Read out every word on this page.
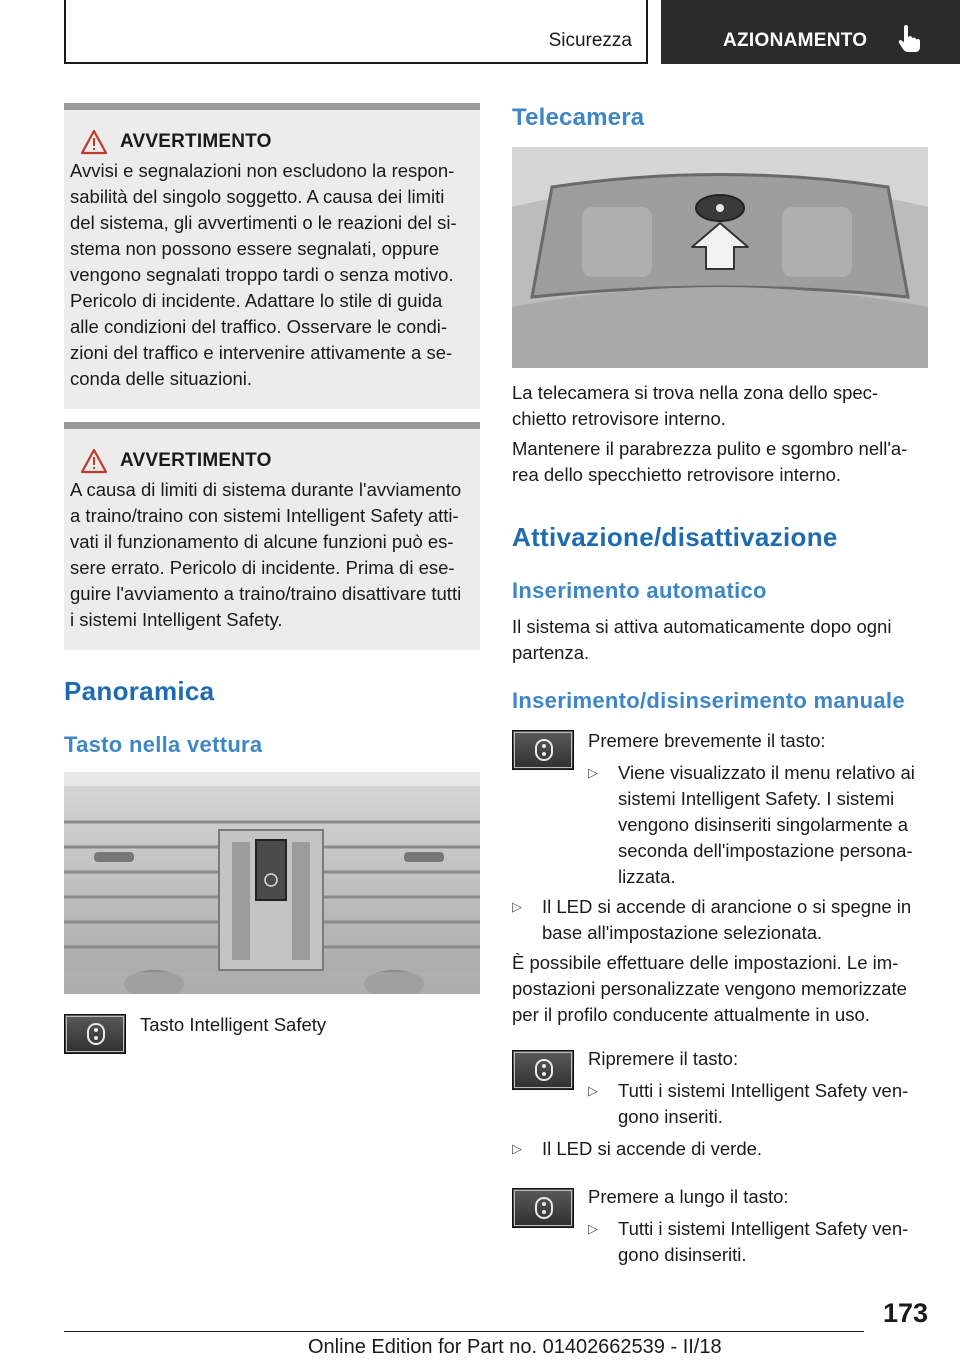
Sicurezza	AZIONAMENTO
AVVERTIMENTO
Avvisi e segnalazioni non escludono la respon-
sabilità del singolo soggetto. A causa dei limiti
del sistema, gli avvertimenti o le reazioni del si-
stema non possono essere segnalati, oppure
vengono segnalati troppo tardi o senza motivo.
Pericolo di incidente. Adattare lo stile di guida
alle condizioni del traffico. Osservare le condi-
zioni del traffico e intervenire attivamente a se-
conda delle situazioni.
AVVERTIMENTO
A causa di limiti di sistema durante l'avviamento
a traino/traino con sistemi Intelligent Safety atti-
vati il funzionamento di alcune funzioni può es-
sere errato. Pericolo di incidente. Prima di ese-
guire l'avviamento a traino/traino disattivare tutti
i sistemi Intelligent Safety.
Panoramica
Tasto nella vettura
Tasto Intelligent Safety
Telecamera
La telecamera si trova nella zona dello spec-
chietto retrovisore interno.
Mantenere il parabrezza pulito e sgombro nell'a-
rea dello specchietto retrovisore interno.
Attivazione/disattivazione
Inserimento automatico
Il sistema si attiva automaticamente dopo ogni
partenza.
Inserimento/disinserimento manuale
Premere brevemente il tasto:
▷ Viene visualizzato il menu relativo ai
sistemi Intelligent Safety. I sistemi
vengono disinseriti singolarmente a
seconda dell'impostazione persona-
lizzata.
▷ Il LED si accende di arancione o si spegne in
base all'impostazione selezionata.
È possibile effettuare delle impostazioni. Le im-
postazioni personalizzate vengono memorizzate
per il profilo conducente attualmente in uso.
Ripremere il tasto:
▷ Tutti i sistemi Intelligent Safety ven-
gono inseriti.
▷ Il LED si accende di verde.
Premere a lungo il tasto:
▷ Tutti i sistemi Intelligent Safety ven-
gono disinseriti.
173
Online Edition for Part no. 01402662539 - II/18
